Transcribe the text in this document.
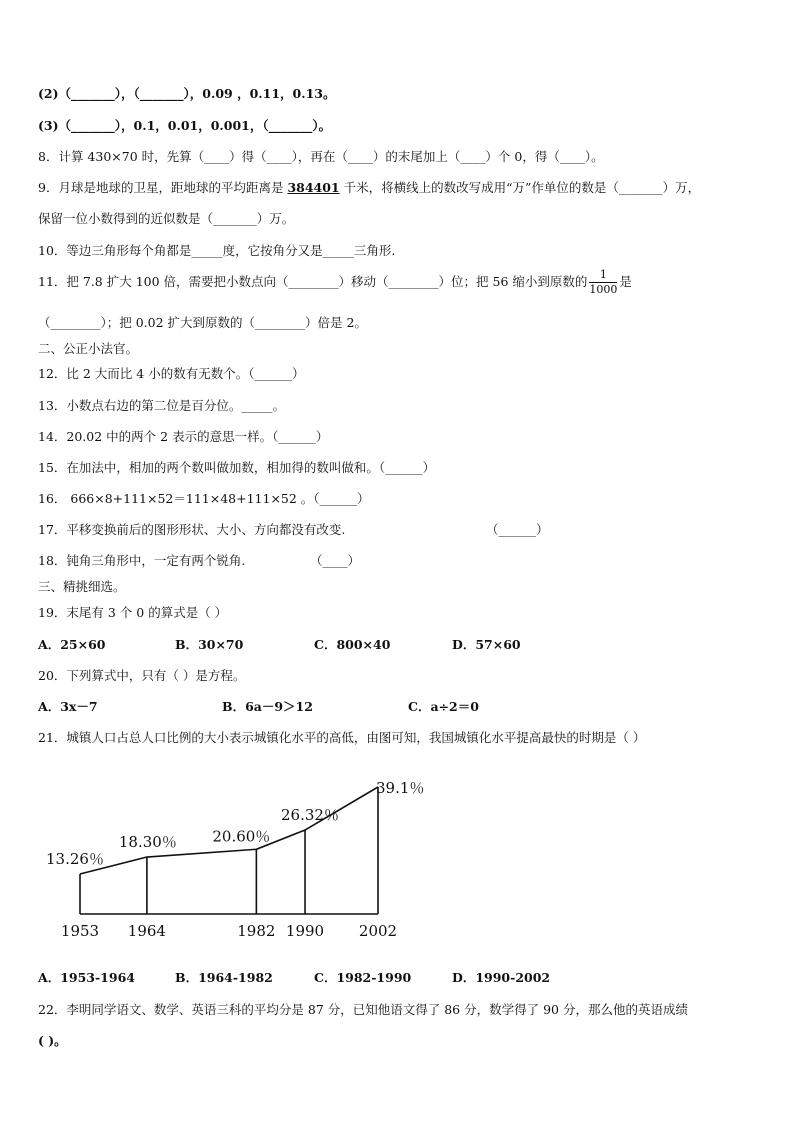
(2)（_______），（_______），0.09 ，0.11，0.13。
(3)（_______），0.1，0.01，0.001，（_______）。
8．计算 430×70 时，先算（____）得（____），再在（____）的末尾加上（____）个 0，得（____）。
9．月球是地球的卫星，距地球的平均距离是 384401 千米，将横线上的数改写成用“万”作单位的数是（_______）万，
保留一位小数得到的近似数是（_______）万。
10．等边三角形每个角都是_____度，它按角分又是_____三角形.
11．把 7.8 扩大 100 倍，需要把小数点向（________）移动（________）位；把 56 缩小到原数的 $\frac{1}{1000}$ 是
（________）；把 0.02 扩大到原数的（________）倍是 2。
二、公正小法官。
12．比 2 大而比 4 小的数有无数个。（______）
13．小数点右边的第二位是百分位。_____。
14．20.02 中的两个 2 表示的意思一样。（______）
15．在加法中，相加的两个数叫做加数，相加得的数叫做和。（______）
16． 666×8+111×52＝111×48+111×52 。（______）
17．平移变换前后的图形形状、大小、方向都没有改变.	（______）
18．钝角三角形中，一定有两个锐角.	（____）
三、精挑细选。
19．末尾有 3 个 0 的算式是（ ）
A．25×60	B．30×70	C．800×40	D．57×60
20．下列算式中，只有（ ）是方程。
A．3x－7	B．6a－9＞12	C．a÷2＝0
21．城镇人口占总人口比例的大小表示城镇化水平的高低，由图可知，我国城镇化水平提高最快的时期是（ ）
13.26％
18.30％ 20.60％
26.32％
39.1％
1953 1964	1982 1990 2002
A．1953-1964	B．1964-1982	C．1982-1990	D．1990-2002
22．李明同学语文、数学、英语三科的平均分是 87 分，已知他语文得了 86 分，数学得了 90 分，那么他的英语成绩
( )。
